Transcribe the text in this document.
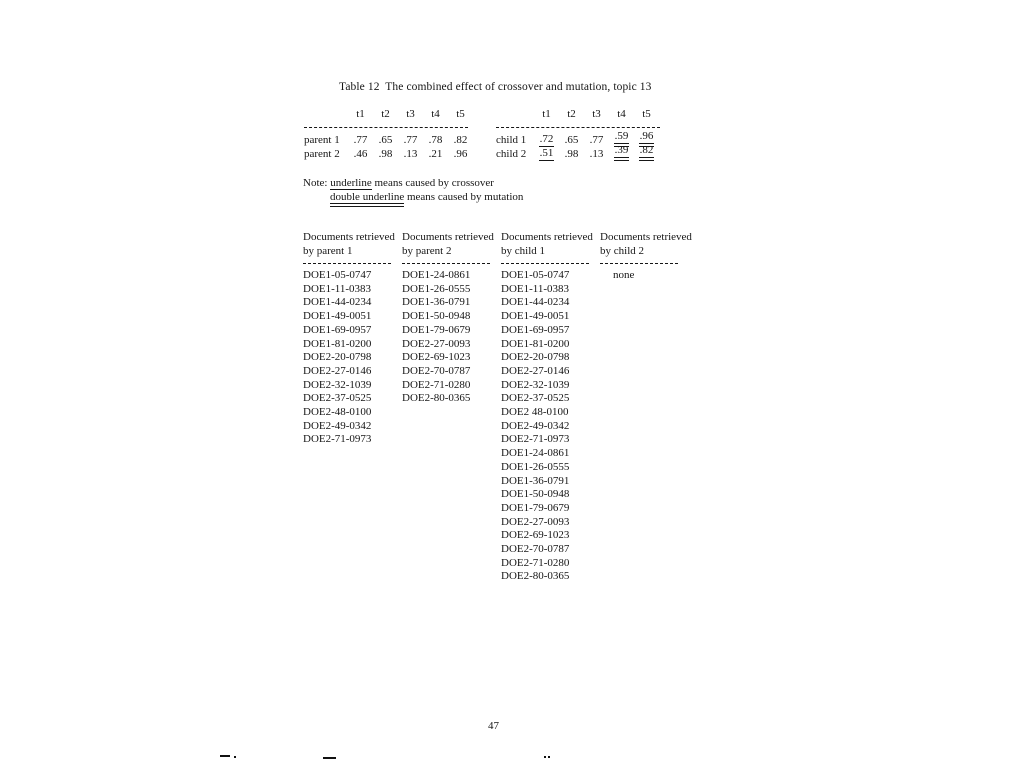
Table 12  The combined effect of crossover and mutation, topic 13
t1	t2	t3	t4	t5
parent 1	.77	.65	.77	.78	.82
parent 2	.46	.98	.13	.21	.96
t1	t2	t3	t4	t5
child 1	.72	.65	.77	.59	.96
child 2	.51	.98	.13	.39	.82
Note: underline means caused by crossover
double underline means caused by mutation
Documents retrieved
by parent 1
DOE1-05-0747
DOE1-11-0383
DOE1-44-0234
DOE1-49-0051
DOE1-69-0957
DOE1-81-0200
DOE2-20-0798
DOE2-27-0146
DOE2-32-1039
DOE2-37-0525
DOE2-48-0100
DOE2-49-0342
DOE2-71-0973
Documents retrieved
by parent 2
DOE1-24-0861
DOE1-26-0555
DOE1-36-0791
DOE1-50-0948
DOE1-79-0679
DOE2-27-0093
DOE2-69-1023
DOE2-70-0787
DOE2-71-0280
DOE2-80-0365
Documents retrieved
by child 1
DOE1-05-0747
DOE1-11-0383
DOE1-44-0234
DOE1-49-0051
DOE1-69-0957
DOE1-81-0200
DOE2-20-0798
DOE2-27-0146
DOE2-32-1039
DOE2-37-0525
DOE2 48-0100
DOE2-49-0342
DOE2-71-0973
DOE1-24-0861
DOE1-26-0555
DOE1-36-0791
DOE1-50-0948
DOE1-79-0679
DOE2-27-0093
DOE2-69-1023
DOE2-70-0787
DOE2-71-0280
DOE2-80-0365
Documents retrieved
by child 2
none
47
